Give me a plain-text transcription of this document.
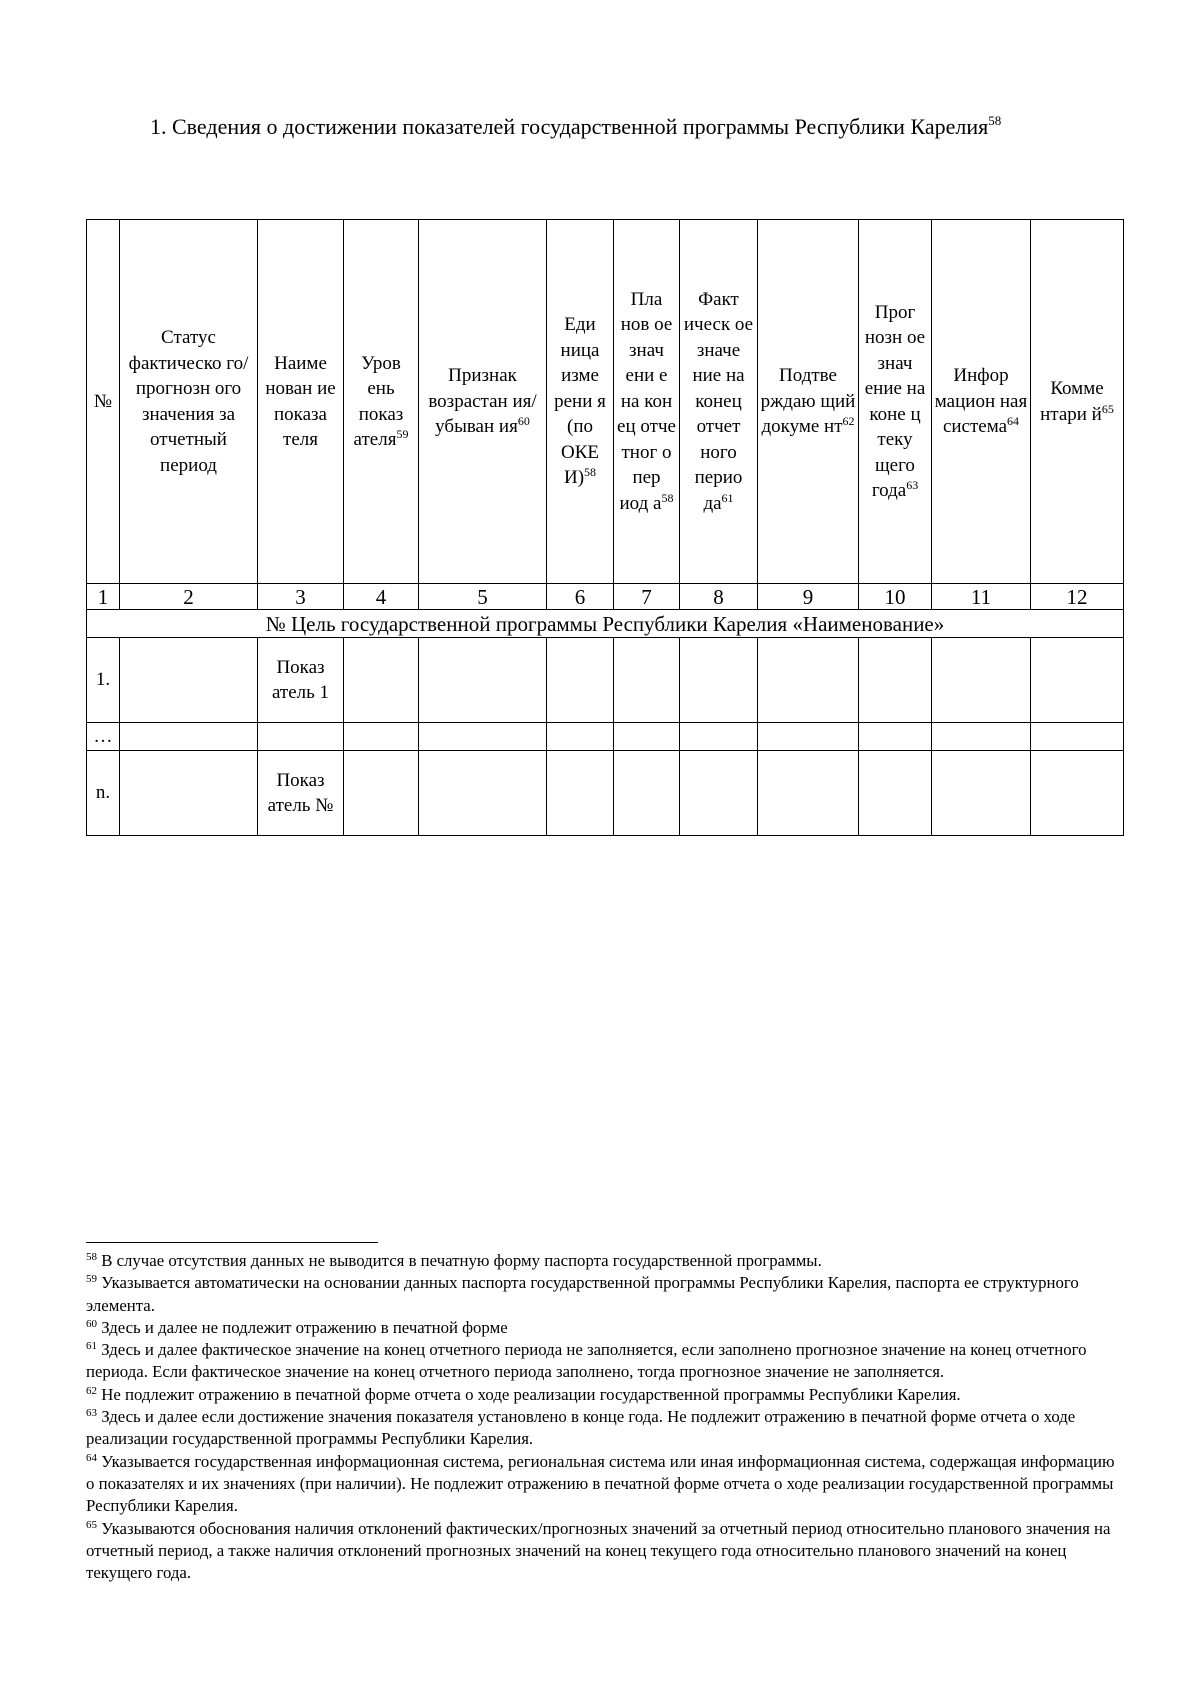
1. Сведения о достижении показателей государственной программы Республики Карелия$^{58}$
№	Статус фактическо го/прогнозн ого значения за отчетный период	Наиме нован ие показа теля	Уров ень показ ателя$^{59}$	Признак возрастан ия/убыван ия$^{60}$	Еди ница изме рени я (по ОКЕ И)$^{58}$	Пла нов ое знач ени е на кон ец отче тног о пер иод а$^{58}$	Факт ическ ое значе ние на конец отчет ного перио да$^{61}$	Подтве рждаю щий докуме нт$^{62}$	Прог нозн ое знач ение на коне ц теку щего года$^{63}$	Инфор мацион ная система$^{64}$	Комме нтари й$^{65}$
1	2	3	4	5	6	7	8	9	10	11	12
№ Цель государственной программы Республики Карелия «Наименование»											
1.		Показ атель 1									
…											
n.		Показ атель №									
$^{58}$ В случае отсутствия данных не выводится в печатную форму паспорта государственной программы.
$^{59}$ Указывается автоматически на основании данных паспорта государственной программы Республики Карелия, паспорта ее структурного элемента.
$^{60}$ Здесь и далее не подлежит отражению в печатной форме
$^{61}$ Здесь и далее фактическое значение на конец отчетного периода не заполняется, если заполнено прогнозное значение на конец отчетного периода. Если фактическое значение на конец отчетного периода заполнено, тогда прогнозное значение не заполняется.
$^{62}$ Не подлежит отражению в печатной форме отчета о ходе реализации государственной программы Республики Карелия.
$^{63}$ Здесь и далее если достижение значения показателя установлено в конце года. Не подлежит отражению в печатной форме отчета о ходе реализации государственной программы Республики Карелия.
$^{64}$ Указывается государственная информационная система, региональная система или иная информационная система, содержащая информацию о показателях и их значениях (при наличии). Не подлежит отражению в печатной форме отчета о ходе реализации государственной программы Республики Карелия.
$^{65}$ Указываются обоснования наличия отклонений фактических/прогнозных значений за отчетный период относительно планового значения на отчетный период, а также наличия отклонений прогнозных значений на конец текущего года относительно планового значений на конец текущего года.
